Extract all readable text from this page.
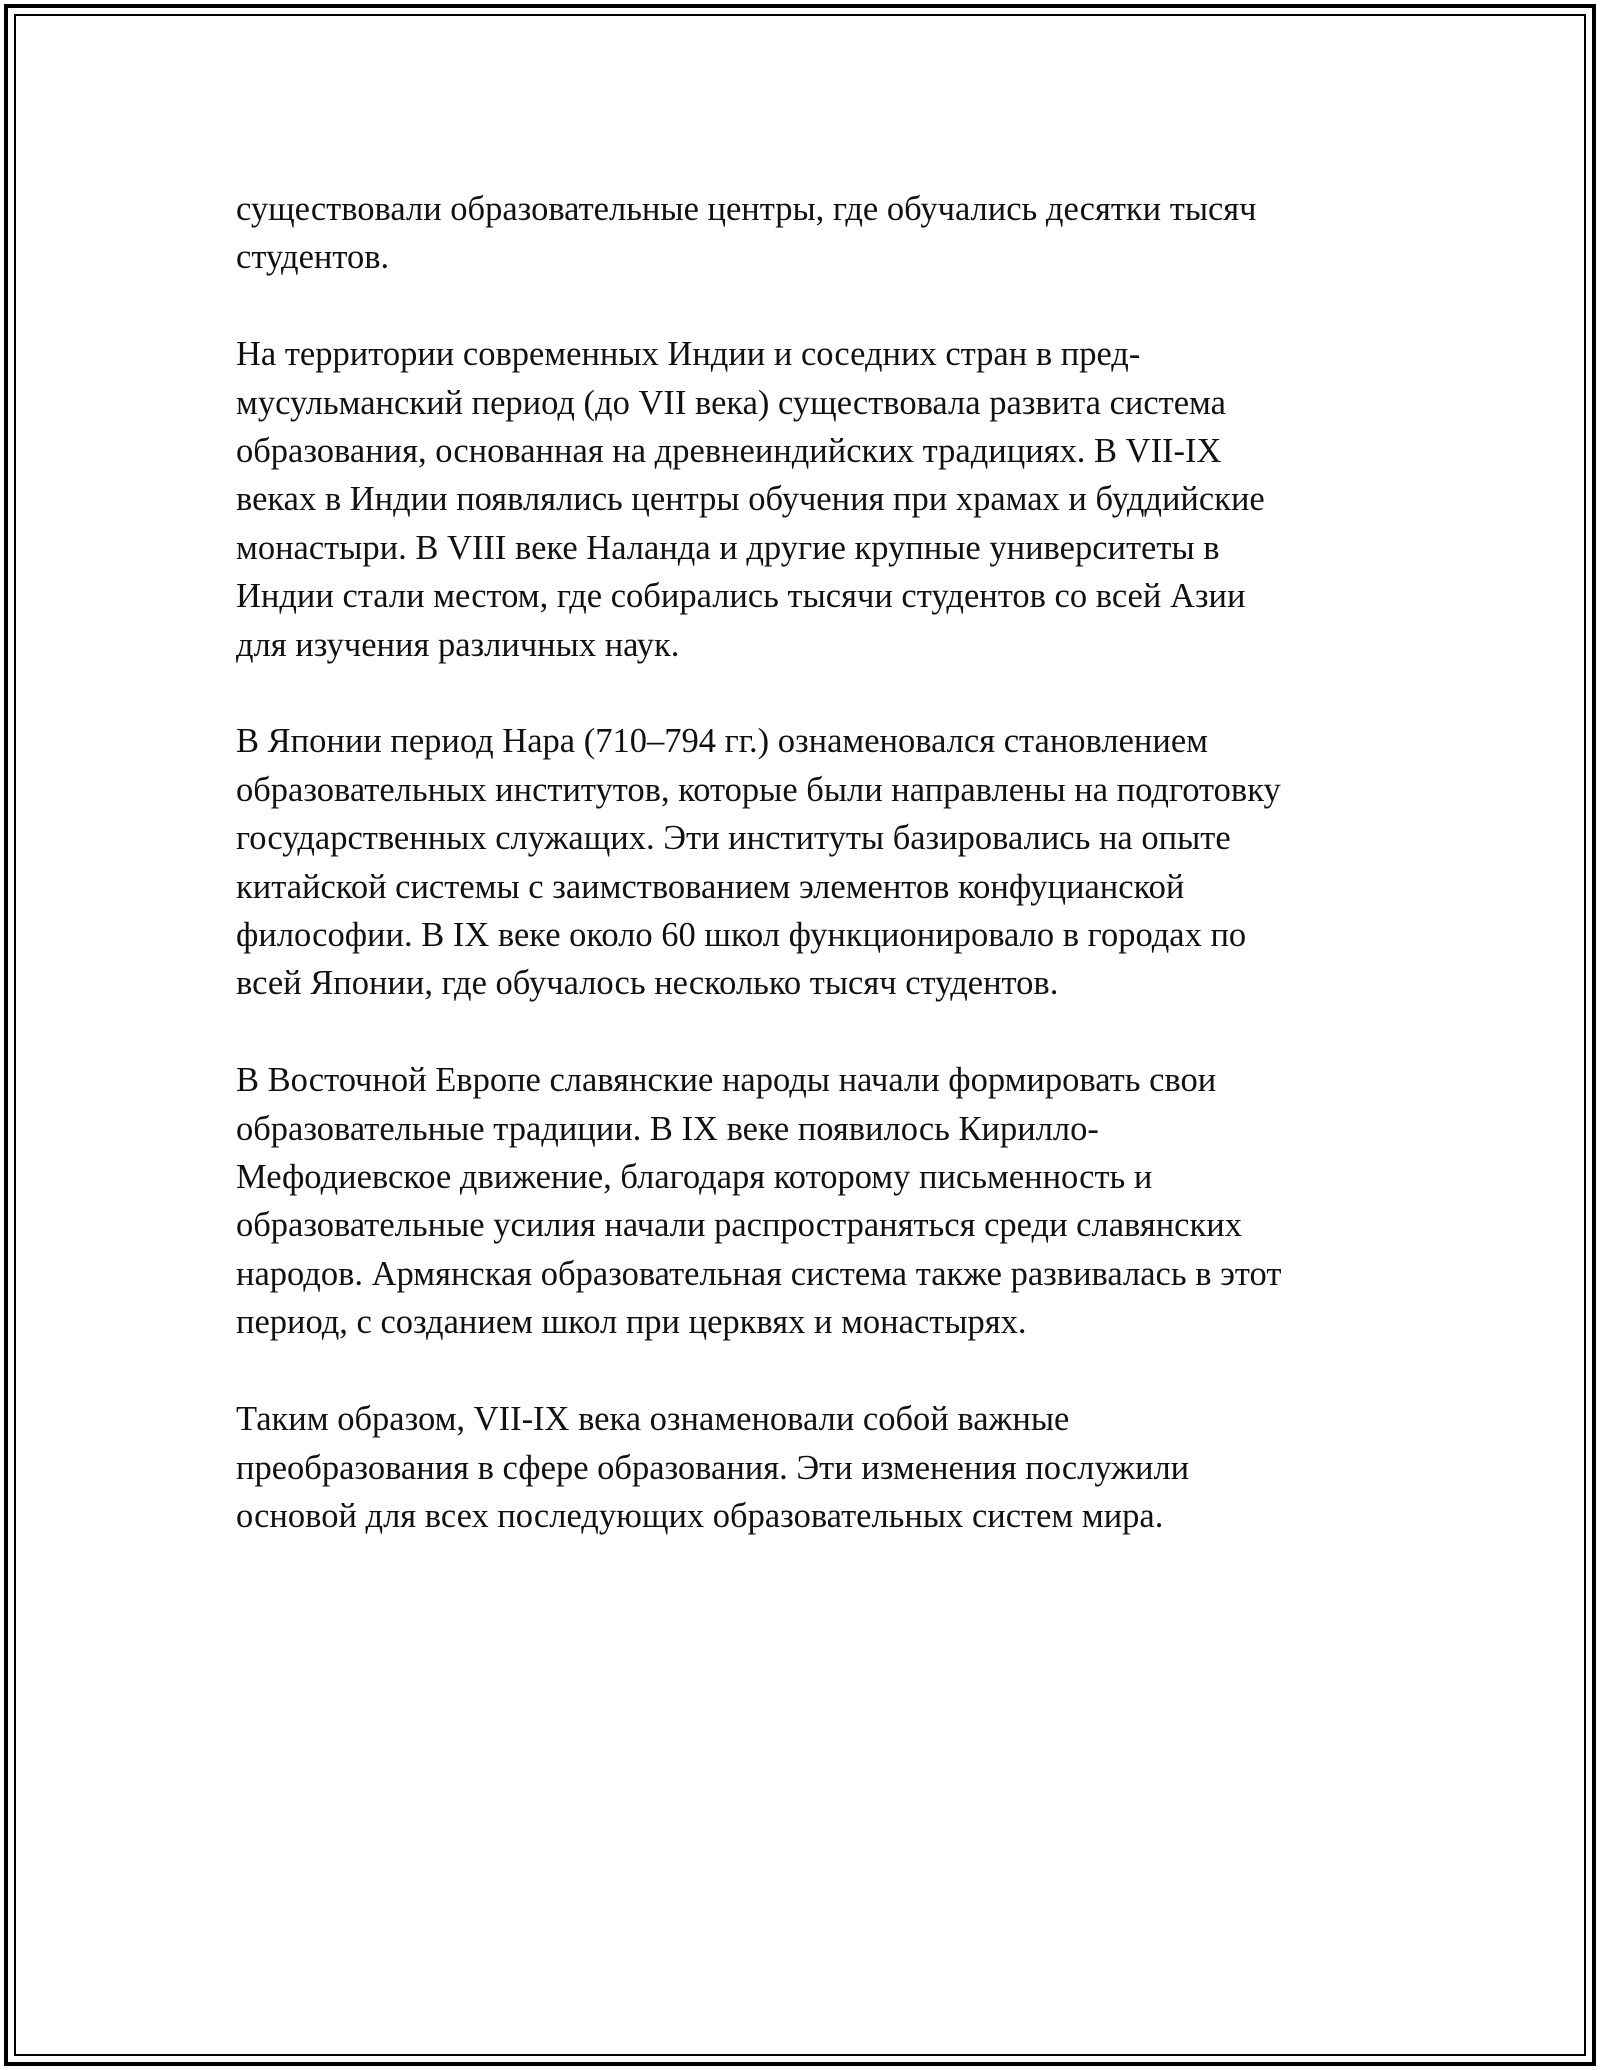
существовали образовательные центры, где обучались десятки тысяч
студентов.

На территории современных Индии и соседних стран в пред-
мусульманский период (до VII века) существовала развита система
образования, основанная на древнеиндийских традициях. В VII-IX
веках в Индии появлялись центры обучения при храмах и буддийские
монастыри. В VIII веке Наланда и другие крупные университеты в
Индии стали местом, где собирались тысячи студентов со всей Азии
для изучения различных наук.

В Японии период Нара (710–794 гг.) ознаменовался становлением
образовательных институтов, которые были направлены на подготовку
государственных служащих. Эти институты базировались на опыте
китайской системы с заимствованием элементов конфуцианской
философии. В IX веке около 60 школ функционировало в городах по
всей Японии, где обучалось несколько тысяч студентов.

В Восточной Европе славянские народы начали формировать свои
образовательные традиции. В IX веке появилось Кирилло-
Мефодиевское движение, благодаря которому письменность и
образовательные усилия начали распространяться среди славянских
народов. Армянская образовательная система также развивалась в этот
период, с созданием школ при церквях и монастырях.

Таким образом, VII-IX века ознаменовали собой важные
преобразования в сфере образования. Эти изменения послужили
основой для всех последующих образовательных систем мира.
